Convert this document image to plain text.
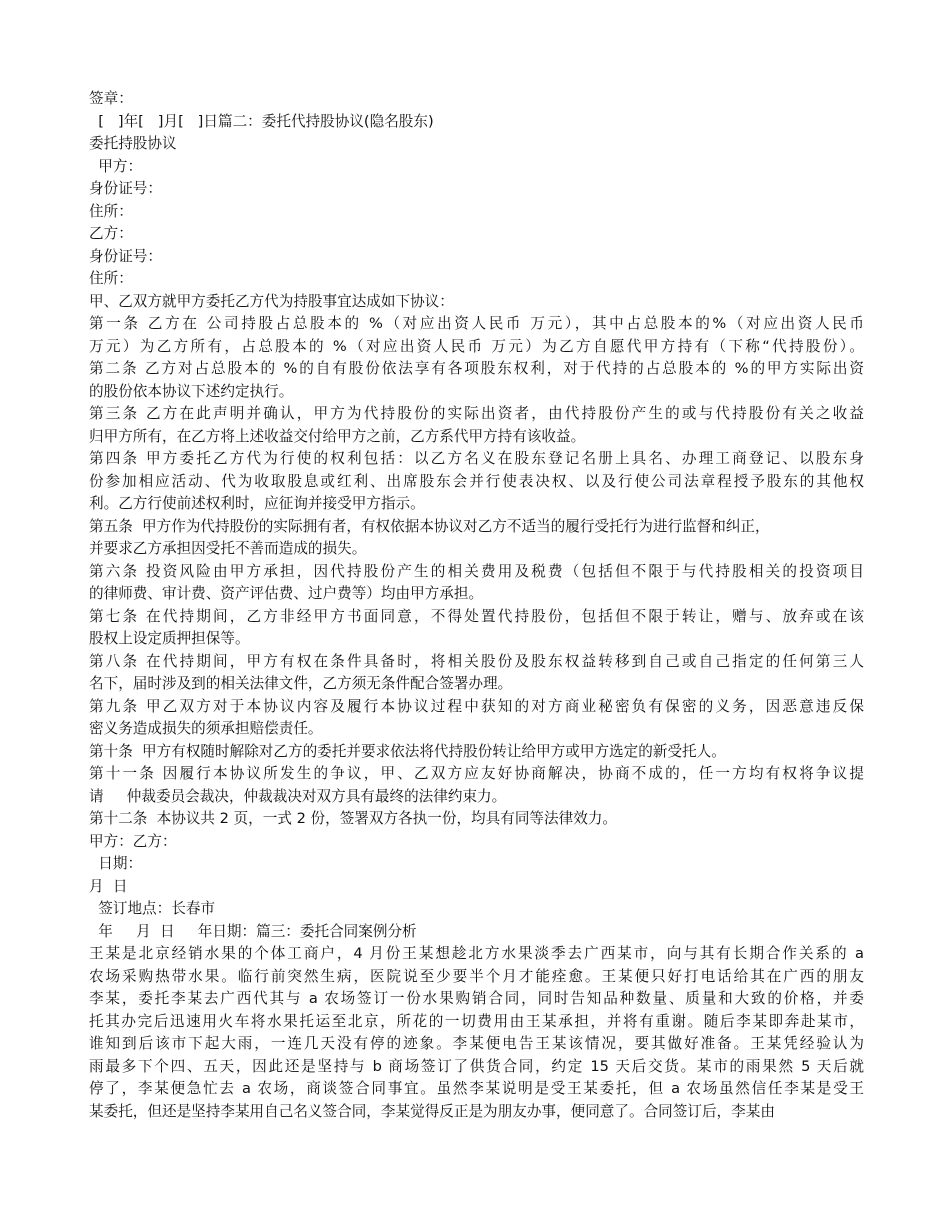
签章：
[   ]年[   ]月[   ]日篇二：委托代持股协议(隐名股东)
委托持股协议
甲方：
身份证号：
住所：
乙方：
身份证号：
住所：
甲、乙双方就甲方委托乙方代为持股事宜达成如下协议：
第一条 乙方在 公司持股占总股本的 %（对应出资人民币 万元），其中占总股本的%（对应出资人民币
万元）为乙方所有，占总股本的 %（对应出资人民币 万元）为乙方自愿代甲方持有（下称“代持股份）。
第二条 乙方对占总股本的 %的自有股份依法享有各项股东权利，对于代持的占总股本的 %的甲方实际出资
的股份依本协议下述约定执行。
第三条 乙方在此声明并确认，甲方为代持股份的实际出资者，由代持股份产生的或与代持股份有关之收益
归甲方所有，在乙方将上述收益交付给甲方之前，乙方系代甲方持有该收益。
第四条 甲方委托乙方代为行使的权利包括：以乙方名义在股东登记名册上具名、办理工商登记、以股东身
份参加相应活动、代为收取股息或红利、出席股东会并行使表决权、以及行使公司法章程授予股东的其他权
利。乙方行使前述权利时，应征询并接受甲方指示。
第五条  甲方作为代持股份的实际拥有者，有权依据本协议对乙方不适当的履行受托行为进行监督和纠正，
并要求乙方承担因受托不善而造成的损失。
第六条 投资风险由甲方承担，因代持股份产生的相关费用及税费（包括但不限于与代持股相关的投资项目
的律师费、审计费、资产评估费、过户费等）均由甲方承担。
第七条 在代持期间，乙方非经甲方书面同意，不得处置代持股份，包括但不限于转让，赠与、放弃或在该
股权上设定质押担保等。
第八条 在代持期间，甲方有权在条件具备时，将相关股份及股东权益转移到自己或自己指定的任何第三人
名下，届时涉及到的相关法律文件，乙方须无条件配合签署办理。
第九条 甲乙双方对于本协议内容及履行本协议过程中获知的对方商业秘密负有保密的义务，因恶意违反保
密义务造成损失的须承担赔偿责任。
第十条  甲方有权随时解除对乙方的委托并要求依法将代持股份转让给甲方或甲方选定的新受托人。
第十一条 因履行本协议所发生的争议，甲、乙双方应友好协商解决，协商不成的，任一方均有权将争议提
请     仲裁委员会裁决，仲裁裁决对双方具有最终的法律约束力。
第十二条  本协议共 2 页，一式 2 份，签署双方各执一份，均具有同等法律效力。
甲方：乙方：
日期：
月  日
签订地点：长春市
年     月  日     年日期：篇三：委托合同案例分析
王某是北京经销水果的个体工商户，4 月份王某想趁北方水果淡季去广西某市，向与其有长期合作关系的 a
农场采购热带水果。临行前突然生病，医院说至少要半个月才能痊愈。王某便只好打电话给其在广西的朋友
李某，委托李某去广西代其与 a 农场签订一份水果购销合同，同时告知品种数量、质量和大致的价格，并委
托其办完后迅速用火车将水果托运至北京，所花的一切费用由王某承担，并将有重谢。随后李某即奔赴某市，
谁知到后该市下起大雨，一连几天没有停的迹象。李某便电告王某该情况，要其做好准备。王某凭经验认为
雨最多下个四、五天，因此还是坚持与 b 商场签订了供货合同，约定 15 天后交货。某市的雨果然 5 天后就
停了，李某便急忙去 a 农场，商谈签合同事宜。虽然李某说明是受王某委托，但 a 农场虽然信任李某是受王
某委托，但还是坚持李某用自己名义签合同，李某觉得反正是为朋友办事，便同意了。合同签订后，李某由
